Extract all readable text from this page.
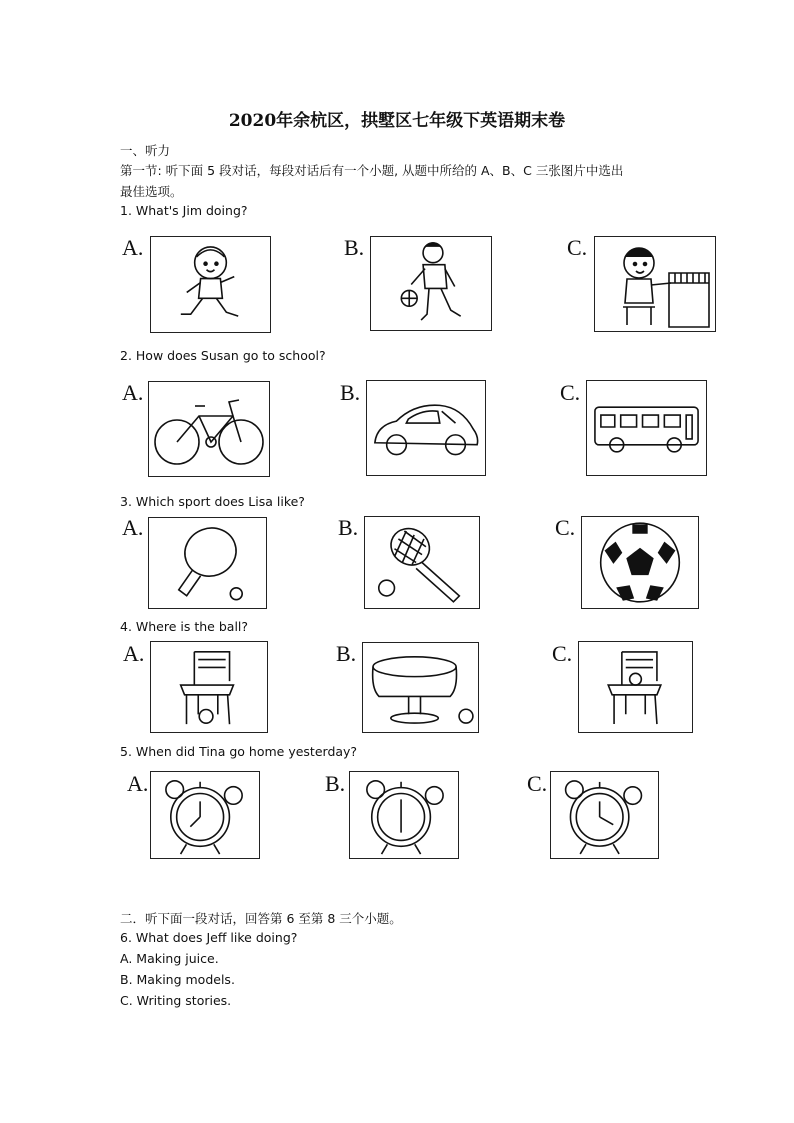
2020年余杭区，拱墅区七年级下英语期末卷
一、听力
第一节: 听下面 5 段对话，每段对话后有一个小题, 从题中所给的 A、B、C 三张图片中选出
最佳选项。
1. What's Jim doing?
A.	B.	C.
2. How does Susan go to school?
A.	B.	C.
3. Which sport does Lisa like?
A.	B.	C.
4. Where is the ball?
A.	B.	C.
5. When did Tina go home yesterday?
A.	B.	C.
二．听下面一段对话，回答第 6 至第 8 三个小题。
6. What does Jeff like doing?
A. Making juice.
B. Making models.
C. Writing stories.
